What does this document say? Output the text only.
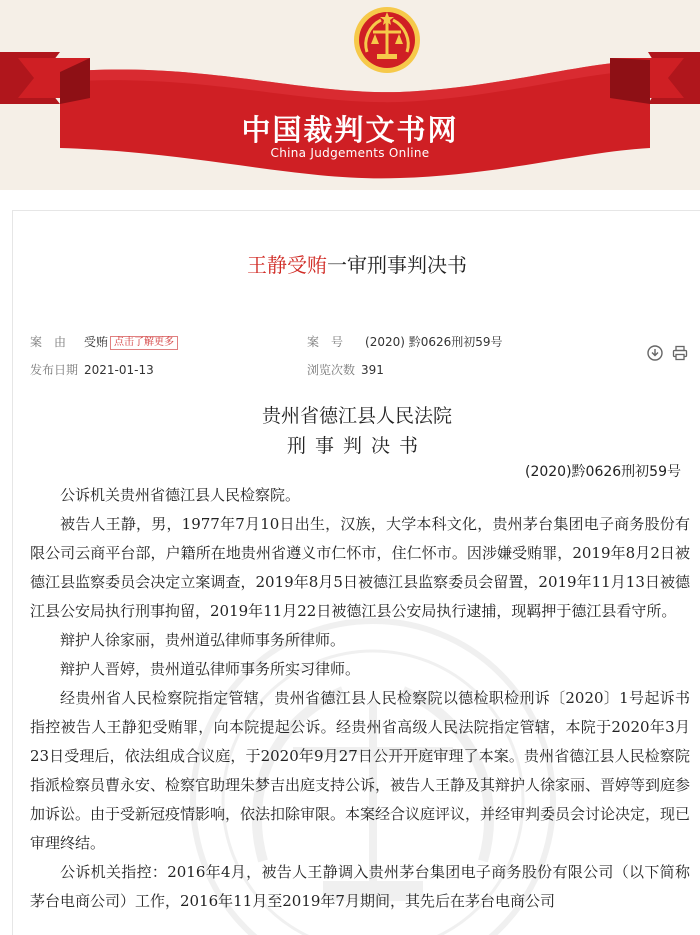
中国裁判文书网
China Judgements Online
王静受贿一审刑事判决书
案由 受贿 点击了解更多	案号 (2020) 黔0626刑初59号
发布日期 2021-01-13	浏览次数 391

贵州省德江县人民法院
刑事判决书
(2020)黔0626刑初59号

公诉机关贵州省德江县人民检察院。

被告人王静，男，1977年7月10日出生，汉族，大学本科文化，贵州茅台集团电子商务股份有限公司云商平台部，户籍所在地贵州省遵义市仁怀市，住仁怀市。因涉嫌受贿罪，2019年8月2日被德江县监察委员会决定立案调查，2019年8月5日被德江县监察委员会留置，2019年11月13日被德江县公安局执行刑事拘留，2019年11月22日被德江县公安局执行逮捕，现羁押于德江县看守所。

辩护人徐家丽，贵州道弘律师事务所律师。

辩护人晋婷，贵州道弘律师事务所实习律师。

经贵州省人民检察院指定管辖，贵州省德江县人民检察院以德检职检刑诉〔2020〕1号起诉书指控被告人王静犯受贿罪，向本院提起公诉。经贵州省高级人民法院指定管辖，本院于2020年3月23日受理后，依法组成合议庭，于2020年9月27日公开开庭审理了本案。贵州省德江县人民检察院指派检察员曹永安、检察官助理朱梦吉出庭支持公诉，被告人王静及其辩护人徐家丽、晋婷等到庭参加诉讼。由于受新冠疫情影响，依法扣除审限。本案经合议庭评议，并经审判委员会讨论决定，现已审理终结。

公诉机关指控：2016年4月，被告人王静调入贵州茅台集团电子商务股份有限公司（以下简称茅台电商公司）工作，2016年11月至2019年7月期间，其先后在茅台电商公司
